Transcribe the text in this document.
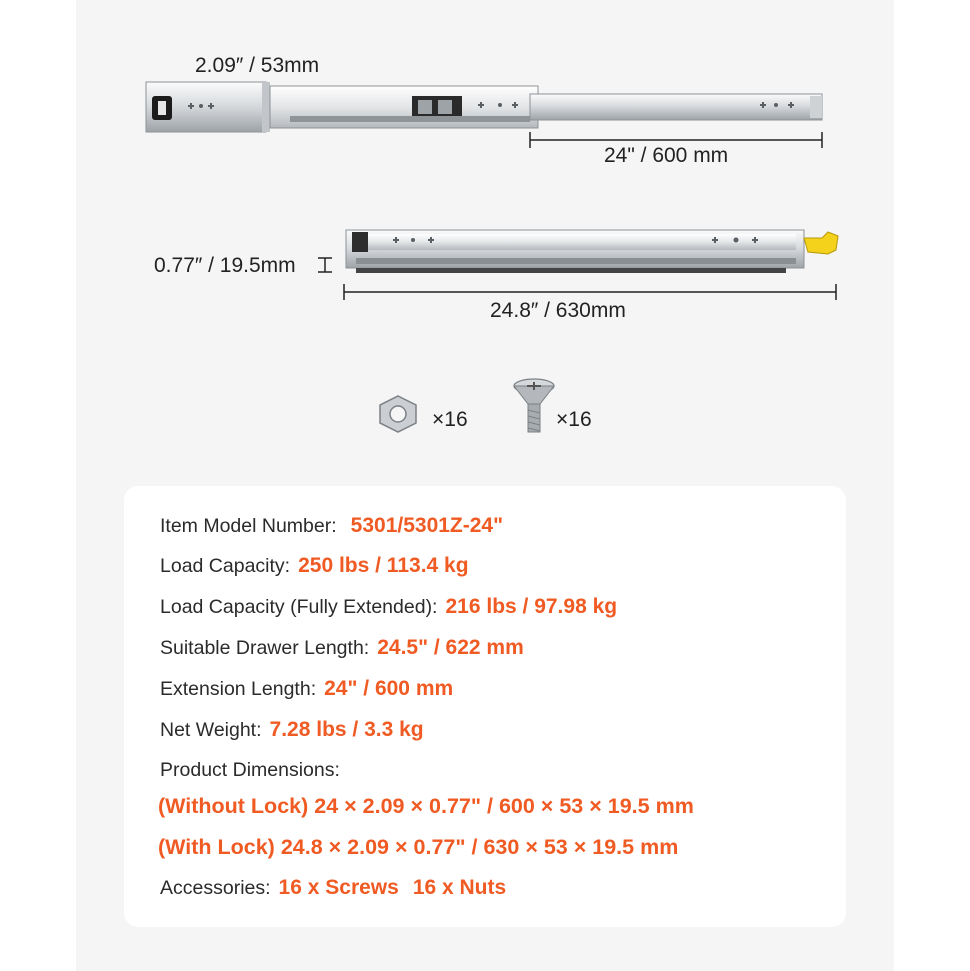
2.09″ / 53mm
24" / 600 mm
0.77″ / 19.5mm
24.8″ / 630mm
×16	×16
Item Model Number: 5301/5301Z-24"
Load Capacity: 250 lbs / 113.4 kg
Load Capacity (Fully Extended): 216 lbs / 97.98 kg
Suitable Drawer Length: 24.5" / 622 mm
Extension Length: 24" / 600 mm
Net Weight: 7.28 lbs / 3.3 kg
Product Dimensions:
(Without Lock) 24 × 2.09 × 0.77" / 600 × 53 × 19.5 mm
(With Lock) 24.8 × 2.09 × 0.77" / 630 × 53 × 19.5 mm
Accessories: 16 x Screws 16 x Nuts
